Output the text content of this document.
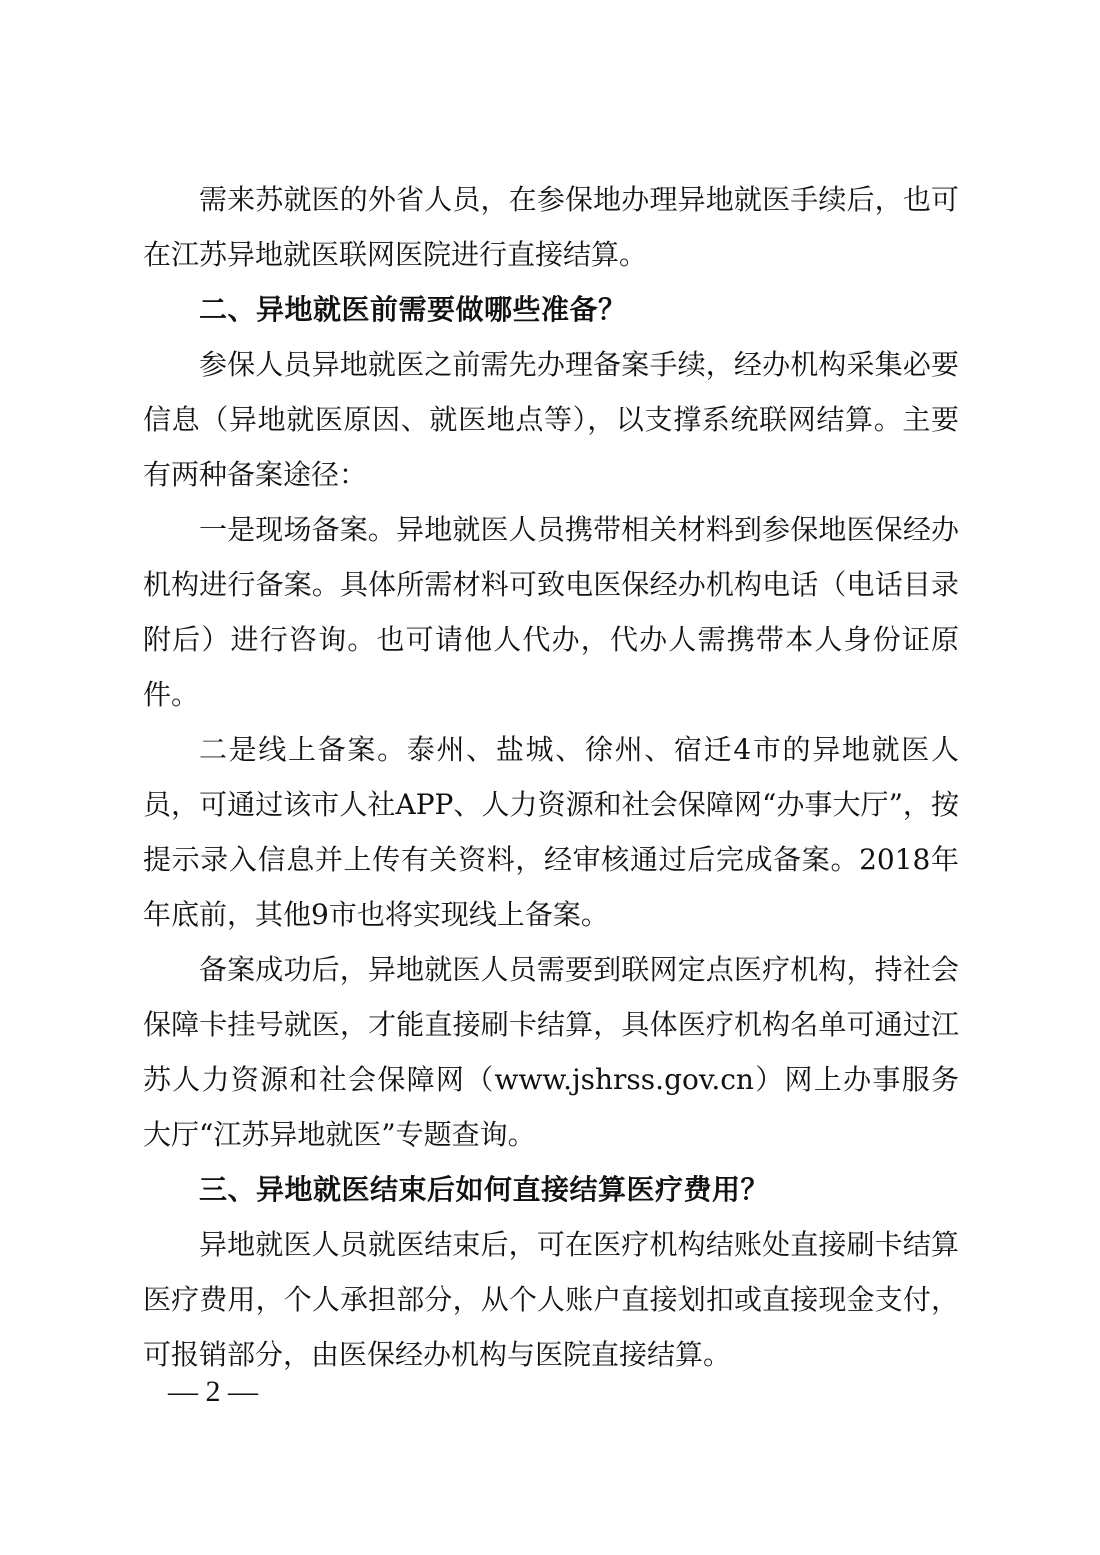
需来苏就医的外省人员，在参保地办理异地就医手续后，也可在江苏异地就医联网医院进行直接结算。

二、异地就医前需要做哪些准备？

参保人员异地就医之前需先办理备案手续，经办机构采集必要信息（异地就医原因、就医地点等），以支撑系统联网结算。主要有两种备案途径：

一是现场备案。异地就医人员携带相关材料到参保地医保经办机构进行备案。具体所需材料可致电医保经办机构电话（电话目录附后）进行咨询。也可请他人代办，代办人需携带本人身份证原件。

二是线上备案。泰州、盐城、徐州、宿迁4市的异地就医人员，可通过该市人社APP、人力资源和社会保障网“办事大厅”，按提示录入信息并上传有关资料，经审核通过后完成备案。2018年年底前，其他9市也将实现线上备案。

备案成功后，异地就医人员需要到联网定点医疗机构，持社会保障卡挂号就医，才能直接刷卡结算，具体医疗机构名单可通过江苏人力资源和社会保障网（www.jshrss.gov.cn）网上办事服务大厅“江苏异地就医”专题查询。

三、异地就医结束后如何直接结算医疗费用？

异地就医人员就医结束后，可在医疗机构结账处直接刷卡结算医疗费用，个人承担部分，从个人账户直接划扣或直接现金支付，可报销部分，由医保经办机构与医院直接结算。

— 2 —
